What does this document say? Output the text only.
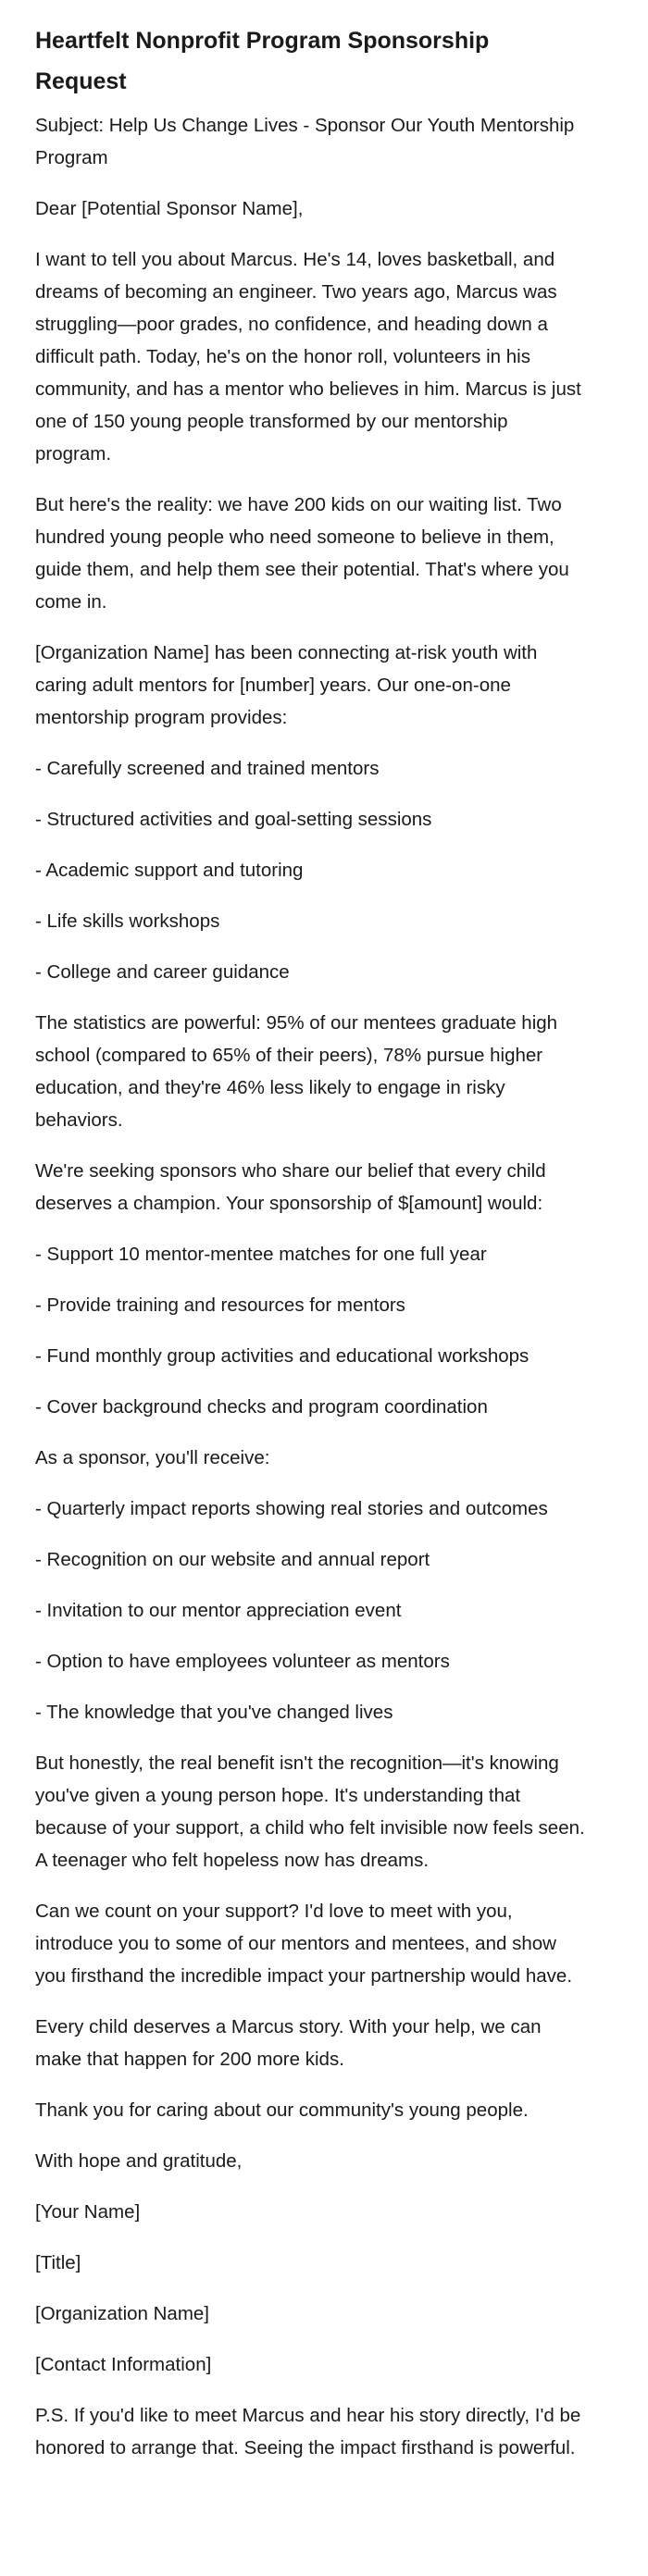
Heartfelt Nonprofit Program Sponsorship Request
Subject: Help Us Change Lives - Sponsor Our Youth Mentorship Program
Dear [Potential Sponsor Name],
I want to tell you about Marcus. He's 14, loves basketball, and dreams of becoming an engineer. Two years ago, Marcus was struggling—poor grades, no confidence, and heading down a difficult path. Today, he's on the honor roll, volunteers in his community, and has a mentor who believes in him. Marcus is just one of 150 young people transformed by our mentorship program.
But here's the reality: we have 200 kids on our waiting list. Two hundred young people who need someone to believe in them, guide them, and help them see their potential. That's where you come in.
[Organization Name] has been connecting at-risk youth with caring adult mentors for [number] years. Our one-on-one mentorship program provides:
- Carefully screened and trained mentors
- Structured activities and goal-setting sessions
- Academic support and tutoring
- Life skills workshops
- College and career guidance
The statistics are powerful: 95% of our mentees graduate high school (compared to 65% of their peers), 78% pursue higher education, and they're 46% less likely to engage in risky behaviors.
We're seeking sponsors who share our belief that every child deserves a champion. Your sponsorship of $[amount] would:
- Support 10 mentor-mentee matches for one full year
- Provide training and resources for mentors
- Fund monthly group activities and educational workshops
- Cover background checks and program coordination
As a sponsor, you'll receive:
- Quarterly impact reports showing real stories and outcomes
- Recognition on our website and annual report
- Invitation to our mentor appreciation event
- Option to have employees volunteer as mentors
- The knowledge that you've changed lives
But honestly, the real benefit isn't the recognition—it's knowing you've given a young person hope. It's understanding that because of your support, a child who felt invisible now feels seen. A teenager who felt hopeless now has dreams.
Can we count on your support? I'd love to meet with you, introduce you to some of our mentors and mentees, and show you firsthand the incredible impact your partnership would have.
Every child deserves a Marcus story. With your help, we can make that happen for 200 more kids.
Thank you for caring about our community's young people.
With hope and gratitude,
[Your Name]
[Title]
[Organization Name]
[Contact Information]
P.S. If you'd like to meet Marcus and hear his story directly, I'd be honored to arrange that. Seeing the impact firsthand is powerful.
